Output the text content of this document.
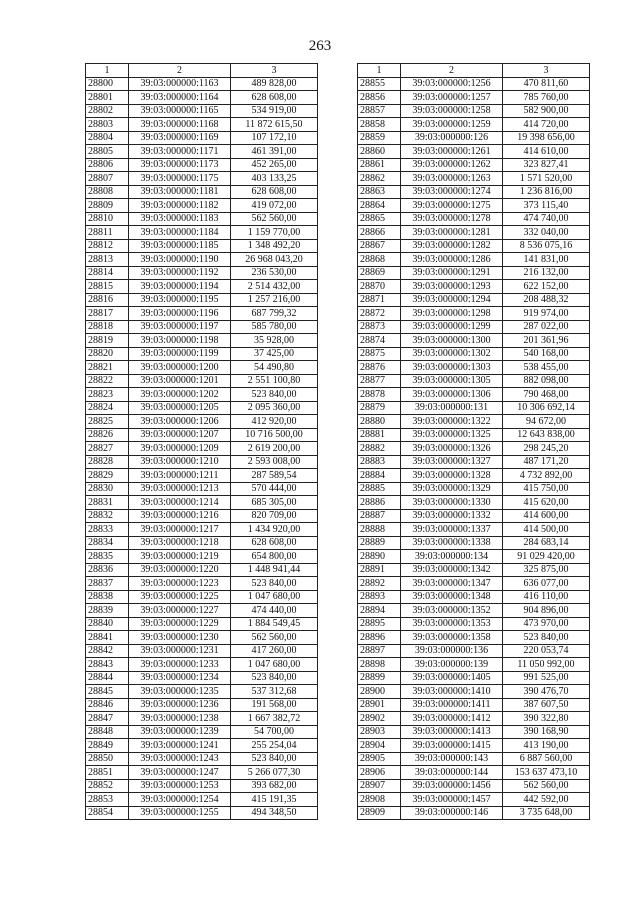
263
1	2	3
28800	39:03:000000:1163	489 828,00
28801	39:03:000000:1164	628 608,00
28802	39:03:000000:1165	534 919,00
28803	39:03:000000:1168	11 872 615,50
28804	39:03:000000:1169	107 172,10
28805	39:03:000000:1171	461 391,00
28806	39:03:000000:1173	452 265,00
28807	39:03:000000:1175	403 133,25
28808	39:03:000000:1181	628 608,00
28809	39:03:000000:1182	419 072,00
28810	39:03:000000:1183	562 560,00
28811	39:03:000000:1184	1 159 770,00
28812	39:03:000000:1185	1 348 492,20
28813	39:03:000000:1190	26 968 043,20
28814	39:03:000000:1192	236 530,00
28815	39:03:000000:1194	2 514 432,00
28816	39:03:000000:1195	1 257 216,00
28817	39:03:000000:1196	687 799,32
28818	39:03:000000:1197	585 780,00
28819	39:03:000000:1198	35 928,00
28820	39:03:000000:1199	37 425,00
28821	39:03:000000:1200	54 490,80
28822	39:03:000000:1201	2 551 100,80
28823	39:03:000000:1202	523 840,00
28824	39:03:000000:1205	2 095 360,00
28825	39:03:000000:1206	412 920,00
28826	39:03:000000:1207	10 716 500,00
28827	39:03:000000:1209	2 619 200,00
28828	39:03:000000:1210	2 593 008,00
28829	39:03:000000:1211	287 589,54
28830	39:03:000000:1213	570 444,00
28831	39:03:000000:1214	685 305,00
28832	39:03:000000:1216	820 709,00
28833	39:03:000000:1217	1 434 920,00
28834	39:03:000000:1218	628 608,00
28835	39:03:000000:1219	654 800,00
28836	39:03:000000:1220	1 448 941,44
28837	39:03:000000:1223	523 840,00
28838	39:03:000000:1225	1 047 680,00
28839	39:03:000000:1227	474 440,00
28840	39:03:000000:1229	1 884 549,45
28841	39:03:000000:1230	562 560,00
28842	39:03:000000:1231	417 260,00
28843	39:03:000000:1233	1 047 680,00
28844	39:03:000000:1234	523 840,00
28845	39:03:000000:1235	537 312,68
28846	39:03:000000:1236	191 568,00
28847	39:03:000000:1238	1 667 382,72
28848	39:03:000000:1239	54 700,00
28849	39:03:000000:1241	255 254,04
28850	39:03:000000:1243	523 840,00
28851	39:03:000000:1247	5 266 077,30
28852	39:03:000000:1253	393 682,00
28853	39:03:000000:1254	415 191,35
28854	39:03:000000:1255	494 348,50
1	2	3
28855	39:03:000000:1256	470 811,60
28856	39:03:000000:1257	785 760,00
28857	39:03:000000:1258	582 900,00
28858	39:03:000000:1259	414 720,00
28859	39:03:000000:126	19 398 656,00
28860	39:03:000000:1261	414 610,00
28861	39:03:000000:1262	323 827,41
28862	39:03:000000:1263	1 571 520,00
28863	39:03:000000:1274	1 236 816,00
28864	39:03:000000:1275	373 115,40
28865	39:03:000000:1278	474 740,00
28866	39:03:000000:1281	332 040,00
28867	39:03:000000:1282	8 536 075,16
28868	39:03:000000:1286	141 831,00
28869	39:03:000000:1291	216 132,00
28870	39:03:000000:1293	622 152,00
28871	39:03:000000:1294	208 488,32
28872	39:03:000000:1298	919 974,00
28873	39:03:000000:1299	287 022,00
28874	39:03:000000:1300	201 361,96
28875	39:03:000000:1302	540 168,00
28876	39:03:000000:1303	538 455,00
28877	39:03:000000:1305	882 098,00
28878	39:03:000000:1306	790 468,00
28879	39:03:000000:131	10 306 692,14
28880	39:03:000000:1322	94 672,00
28881	39:03:000000:1325	12 643 838,00
28882	39:03:000000:1326	298 245,20
28883	39:03:000000:1327	487 171,20
28884	39:03:000000:1328	4 732 892,00
28885	39:03:000000:1329	415 750,00
28886	39:03:000000:1330	415 620,00
28887	39:03:000000:1332	414 600,00
28888	39:03:000000:1337	414 500,00
28889	39:03:000000:1338	284 683,14
28890	39:03:000000:134	91 029 420,00
28891	39:03:000000:1342	325 875,00
28892	39:03:000000:1347	636 077,00
28893	39:03:000000:1348	416 110,00
28894	39:03:000000:1352	904 896,00
28895	39:03:000000:1353	473 970,00
28896	39:03:000000:1358	523 840,00
28897	39:03:000000:136	220 053,74
28898	39:03:000000:139	11 050 992,00
28899	39:03:000000:1405	991 525,00
28900	39:03:000000:1410	390 476,70
28901	39:03:000000:1411	387 607,50
28902	39:03:000000:1412	390 322,80
28903	39:03:000000:1413	390 168,90
28904	39:03:000000:1415	413 190,00
28905	39:03:000000:143	6 887 560,00
28906	39:03:000000:144	153 637 473,10
28907	39:03:000000:1456	562 560,00
28908	39:03:000000:1457	442 592,00
28909	39:03:000000:146	3 735 648,00
